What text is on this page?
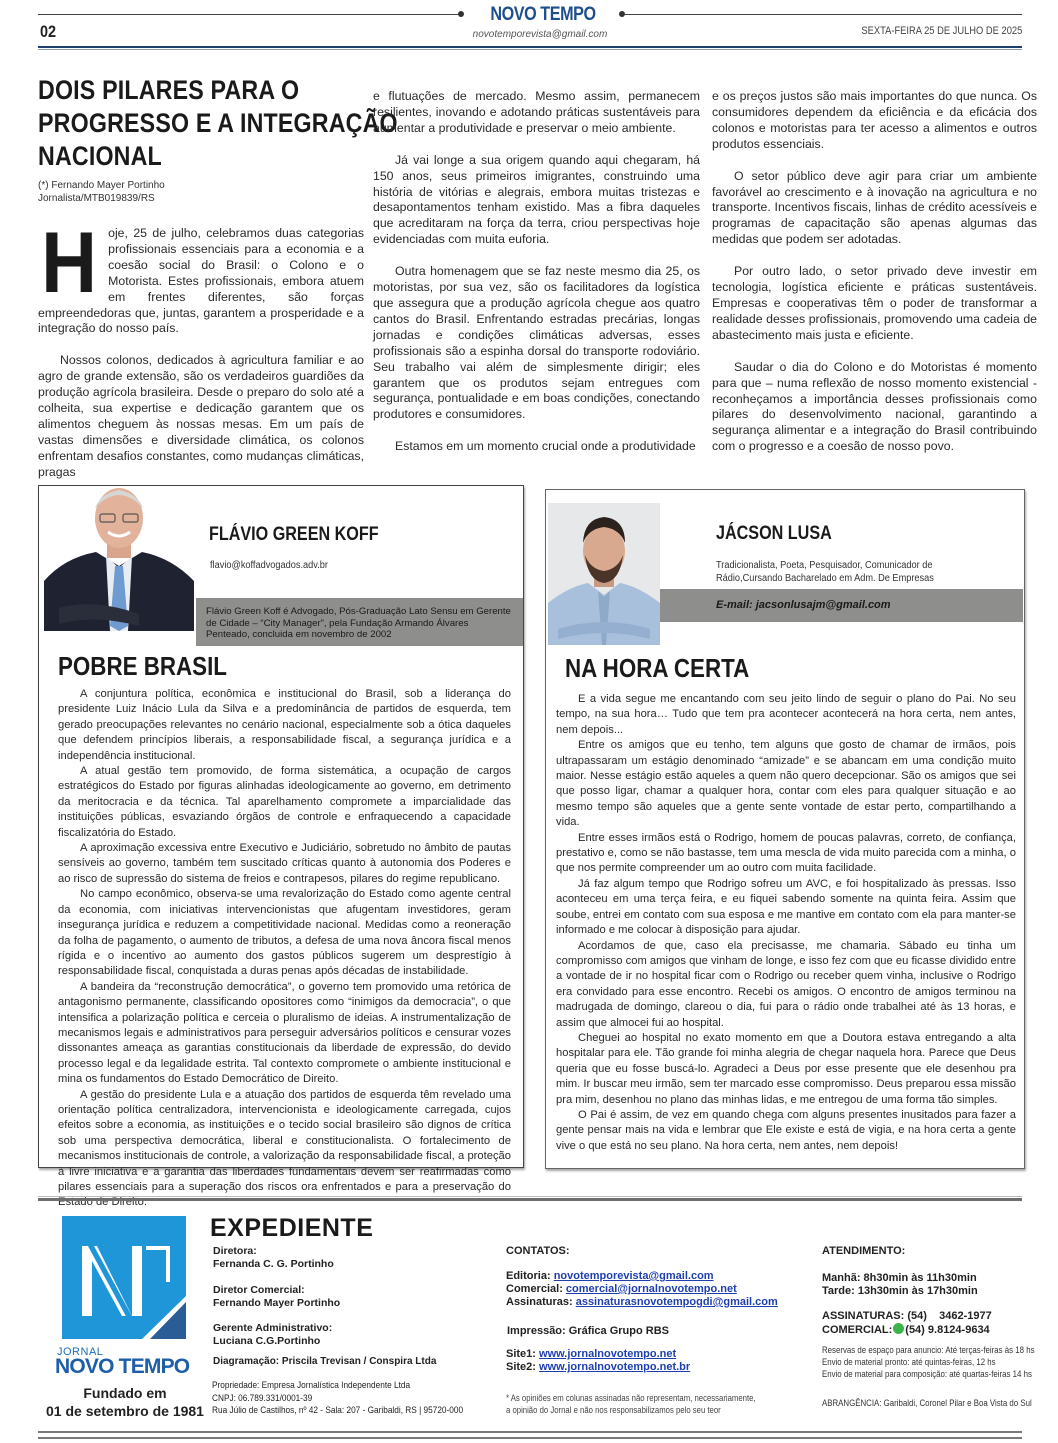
NOVO TEMPO
02	novotemporevista@gmail.com	SEXTA-FEIRA 25 DE JULHO DE 2025
DOIS PILARES PARA O
PROGRESSO E A INTEGRAÇÃO
NACIONAL
(*) Fernando Mayer Portinho
Jornalista/MTB019839/RS

Hoje, 25 de julho, celebramos duas categorias profissionais essenciais para a economia e a coesão social do Brasil: o Colono e o Motorista. Estes profissionais, embora atuem em frentes diferentes, são forças empreendedoras que, juntas, garantem a prosperidade e a integração do nosso país.

Nossos colonos, dedicados à agricultura familiar e ao agro de grande extensão, são os verdadeiros guardiões da produção agrícola brasileira. Desde o preparo do solo até a colheita, sua expertise e dedicação garantem que os alimentos cheguem às nossas mesas. Em um país de vastas dimensões e diversidade climática, os colonos enfrentam desafios constantes, como mudanças climáticas, pragas

e flutuações de mercado. Mesmo assim, permanecem resilientes, inovando e adotando práticas sustentáveis para aumentar a produtividade e preservar o meio ambiente.

Já vai longe a sua origem quando aqui chegaram, há 150 anos, seus primeiros imigrantes, construindo uma história de vitórias e alegrais, embora muitas tristezas e desapontamentos tenham existido. Mas a fibra daqueles que acreditaram na força da terra, criou perspectivas hoje evidenciadas com muita euforia.

Outra homenagem que se faz neste mesmo dia 25, os motoristas, por sua vez, são os facilitadores da logística que assegura que a produção agrícola chegue aos quatro cantos do Brasil. Enfrentando estradas precárias, longas jornadas e condições climáticas adversas, esses profissionais são a espinha dorsal do transporte rodoviário. Seu trabalho vai além de simplesmente dirigir; eles garantem que os produtos sejam entregues com segurança, pontualidade e em boas condições, conectando produtores e consumidores.

Estamos em um momento crucial onde a produtividade

e os preços justos são mais importantes do que nunca. Os consumidores dependem da eficiência e da eficácia dos colonos e motoristas para ter acesso a alimentos e outros produtos essenciais.

O setor público deve agir para criar um ambiente favorável ao crescimento e à inovação na agricultura e no transporte. Incentivos fiscais, linhas de crédito acessíveis e programas de capacitação são apenas algumas das medidas que podem ser adotadas.

Por outro lado, o setor privado deve investir em tecnologia, logística eficiente e práticas sustentáveis. Empresas e cooperativas têm o poder de transformar a realidade desses profissionais, promovendo uma cadeia de abastecimento mais justa e eficiente.

Saudar o dia do Colono e do Motoristas é momento para que – numa reflexão de nosso momento existencial - reconheçamos a importância desses profissionais como pilares do desenvolvimento nacional, garantindo a segurança alimentar e a integração do Brasil contribuindo com o progresso e a coesão de nosso povo.

FLÁVIO GREEN KOFF
flavio@koffadvogados.adv.br
Flávio Green Koff é Advogado, Pós-Graduação Lato Sensu em Gerente de Cidade – “City Manager”, pela Fundação Armando Álvares Penteado, concluida em novembro de 2002
POBRE BRASIL

A conjuntura política, econômica e institucional do Brasil, sob a liderança do presidente Luiz Inácio Lula da Silva e a predominância de partidos de esquerda, tem gerado preocupações relevantes no cenário nacional, especialmente sob a ótica daqueles que defendem princípios liberais, a responsabilidade fiscal, a segurança jurídica e a independência institucional.

A atual gestão tem promovido, de forma sistemática, a ocupação de cargos estratégicos do Estado por figuras alinhadas ideologicamente ao governo, em detrimento da meritocracia e da técnica. Tal aparelhamento compromete a imparcialidade das instituições públicas, esvaziando órgãos de controle e enfraquecendo a capacidade fiscalizatória do Estado.

A aproximação excessiva entre Executivo e Judiciário, sobretudo no âmbito de pautas sensíveis ao governo, também tem suscitado críticas quanto à autonomia dos Poderes e ao risco de supressão do sistema de freios e contrapesos, pilares do regime republicano.

No campo econômico, observa-se uma revalorização do Estado como agente central da economia, com iniciativas intervencionistas que afugentam investidores, geram insegurança jurídica e reduzem a competitividade nacional. Medidas como a reoneração da folha de pagamento, o aumento de tributos, a defesa de uma nova âncora fiscal menos rígida e o incentivo ao aumento dos gastos públicos sugerem um desprestígio à responsabilidade fiscal, conquistada a duras penas após décadas de instabilidade.

A bandeira da “reconstrução democrática”, o governo tem promovido uma retórica de antagonismo permanente, classificando opositores como “inimigos da democracia”, o que intensifica a polarização política e cerceia o pluralismo de ideias. A instrumentalização de mecanismos legais e administrativos para perseguir adversários políticos e censurar vozes dissonantes ameaça as garantias constitucionais da liberdade de expressão, do devido processo legal e da legalidade estrita. Tal contexto compromete o ambiente institucional e mina os fundamentos do Estado Democrático de Direito.

A gestão do presidente Lula e a atuação dos partidos de esquerda têm revelado uma orientação política centralizadora, intervencionista e ideologicamente carregada, cujos efeitos sobre a economia, as instituições e o tecido social brasileiro são dignos de crítica sob uma perspectiva democrática, liberal e constitucionalista. O fortalecimento de mecanismos institucionais de controle, a valorização da responsabilidade fiscal, a proteção à livre iniciativa e a garantia das liberdades fundamentais devem ser reafirmadas como pilares essenciais para a superação dos riscos ora enfrentados e para a preservação do Estado de Direito.

JÁCSON LUSA
Tradicionalista, Poeta, Pesquisador, Comunicador de Rádio,Cursando Bacharelado em Adm. De Empresas
E-mail: jacsonlusajm@gmail.com
NA HORA CERTA

E a vida segue me encantando com seu jeito lindo de seguir o plano do Pai. No seu tempo, na sua hora… Tudo que tem pra acontecer acontecerá na hora certa, nem antes, nem depois...

Entre os amigos que eu tenho, tem alguns que gosto de chamar de irmãos, pois ultrapassaram um estágio denominado “amizade” e se abancam em uma condição muito maior. Nesse estágio estão aqueles a quem não quero decepcionar. São os amigos que sei que posso ligar, chamar a qualquer hora, contar com eles para qualquer situação e ao mesmo tempo são aqueles que a gente sente vontade de estar perto, compartilhando a vida.

Entre esses irmãos está o Rodrigo, homem de poucas palavras, correto, de confiança, prestativo e, como se não bastasse, tem uma mescla de vida muito parecida com a minha, o que nos permite compreender um ao outro com muita facilidade.

Já faz algum tempo que Rodrigo sofreu um AVC, e foi hospitalizado às pressas. Isso aconteceu em uma terça feira, e eu fiquei sabendo somente na quinta feira. Assim que soube, entrei em contato com sua esposa e me mantive em contato com ela para manter-se informado e me colocar à disposição para ajudar.

Acordamos de que, caso ela precisasse, me chamaria. Sábado eu tinha um compromisso com amigos que vinham de longe, e isso fez com que eu ficasse dividido entre a vontade de ir no hospital ficar com o Rodrigo ou receber quem vinha, inclusive o Rodrigo era convidado para esse encontro. Recebi os amigos. O encontro de amigos terminou na madrugada de domingo, clareou o dia, fui para o rádio onde trabalhei até às 13 horas, e assim que almocei fui ao hospital.

Cheguei ao hospital no exato momento em que a Doutora estava entregando a alta hospitalar para ele. Tão grande foi minha alegria de chegar naquela hora. Parece que Deus queria que eu fosse buscá-lo. Agradeci a Deus por esse presente que ele desenhou pra mim. Ir buscar meu irmão, sem ter marcado esse compromisso. Deus preparou essa missão pra mim, desenhou no plano das minhas lidas, e me entregou de uma forma tão simples.

O Pai é assim, de vez em quando chega com alguns presentes inusitados para fazer a gente pensar mais na vida e lembrar que Ele existe e está de vigia, e na hora certa a gente vive o que está no seu plano. Na hora certa, nem antes, nem depois!

JORNAL
NOVO TEMPO
Fundado em
01 de setembro de 1981
EXPEDIENTE
Diretora:
Fernanda C. G. Portinho
Diretor Comercial:
Fernando Mayer Portinho
Gerente Administrativo:
Luciana C.G.Portinho
Diagramação: Priscila Trevisan / Conspira Ltda
Propriedade: Empresa Jornalística Independente Ltda
CNPJ: 06.789.331/0001-39
Rua Júlio de Castilhos, nº 42 - Sala: 207 - Garibaldi, RS | 95720-000
CONTATOS:
Editoria: novotemporevista@gmail.com
Comercial: comercial@jornalnovotempo.net
Assinaturas: assinaturasnovotempogdi@gmail.com
Impressão: Gráfica Grupo RBS
Site1: www.jornalnovotempo.net
Site2: www.jornalnovotempo.net.br
* As opiniões em colunas assinadas não representam, necessariamente,
a opinião do Jornal e não nos responsabilizamos pelo seu teor
ATENDIMENTO:
Manhã: 8h30min às 11h30min
Tarde: 13h30min às 17h30min
ASSINATURAS: (54)    3462-1977
COMERCIAL: (54) 9.8124-9634
Reservas de espaço para anuncio: Até terças-feiras às 18 hs
Envio de material pronto: até quintas-feiras, 12 hs
Envio de material para composição: até quartas-feiras 14 hs
ABRANGÊNCIA: Garibaldi, Coronel Pilar e Boa Vista do Sul
